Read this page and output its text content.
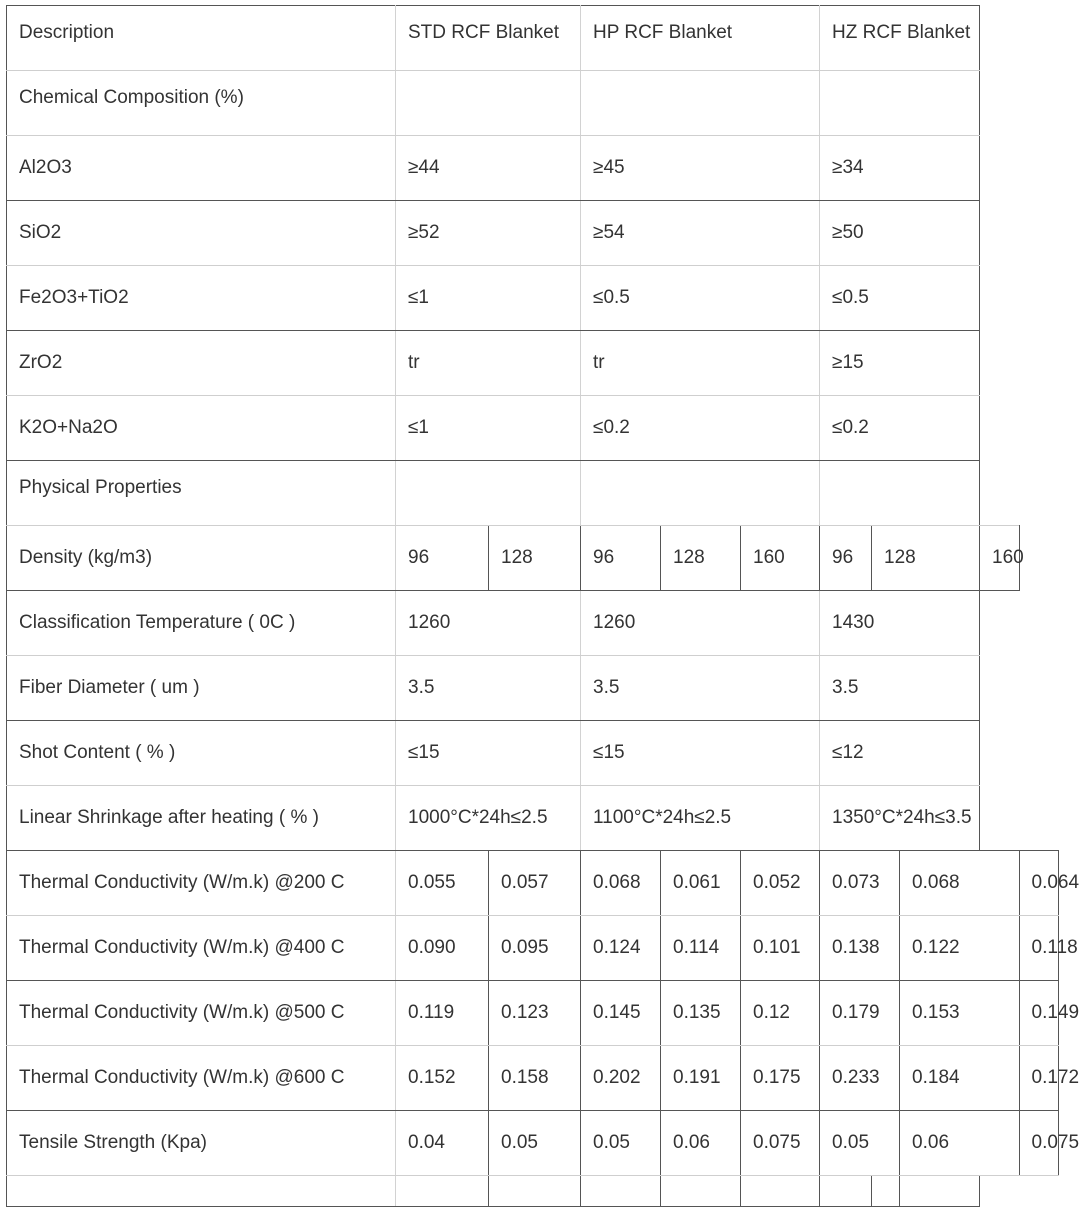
Description	STD RCF Blanket		HP RCF Blanket			HZ RCF Blanket				
Chemical Composition (%)										
Al2O3	≥44		≥45			≥34				
SiO2	≥52		≥54			≥50				
Fe2O3+TiO2	≤1		≤0.5			≤0.5				
ZrO2	tr		tr			≥15				
K2O+Na2O	≤1		≤0.2			≤0.2				
Physical Properties										
Density (kg/m3)	96	128	96	128	160	96	128		160	
Classification Temperature ( 0C )	1260		1260			1430				
Fiber Diameter ( um )	3.5		3.5			3.5				
Shot Content ( % )	≤15		≤15			≤12				
Linear Shrinkage after heating ( % )	1000°C*24h≤2.5		1100°C*24h≤2.5			1350°C*24h≤3.5				
Thermal Conductivity (W/m.k) @200 C	0.055	0.057	0.068	0.061	0.052	0.073		0.068		0.064
Thermal Conductivity (W/m.k) @400 C	0.090	0.095	0.124	0.114	0.101	0.138		0.122		0.118
Thermal Conductivity (W/m.k) @500 C	0.119	0.123	0.145	0.135	0.12	0.179		0.153		0.149
Thermal Conductivity (W/m.k) @600 C	0.152	0.158	0.202	0.191	0.175	0.233		0.184		0.172
Tensile Strength (Kpa)	0.04	0.05	0.05	0.06	0.075	0.05		0.06		0.075
